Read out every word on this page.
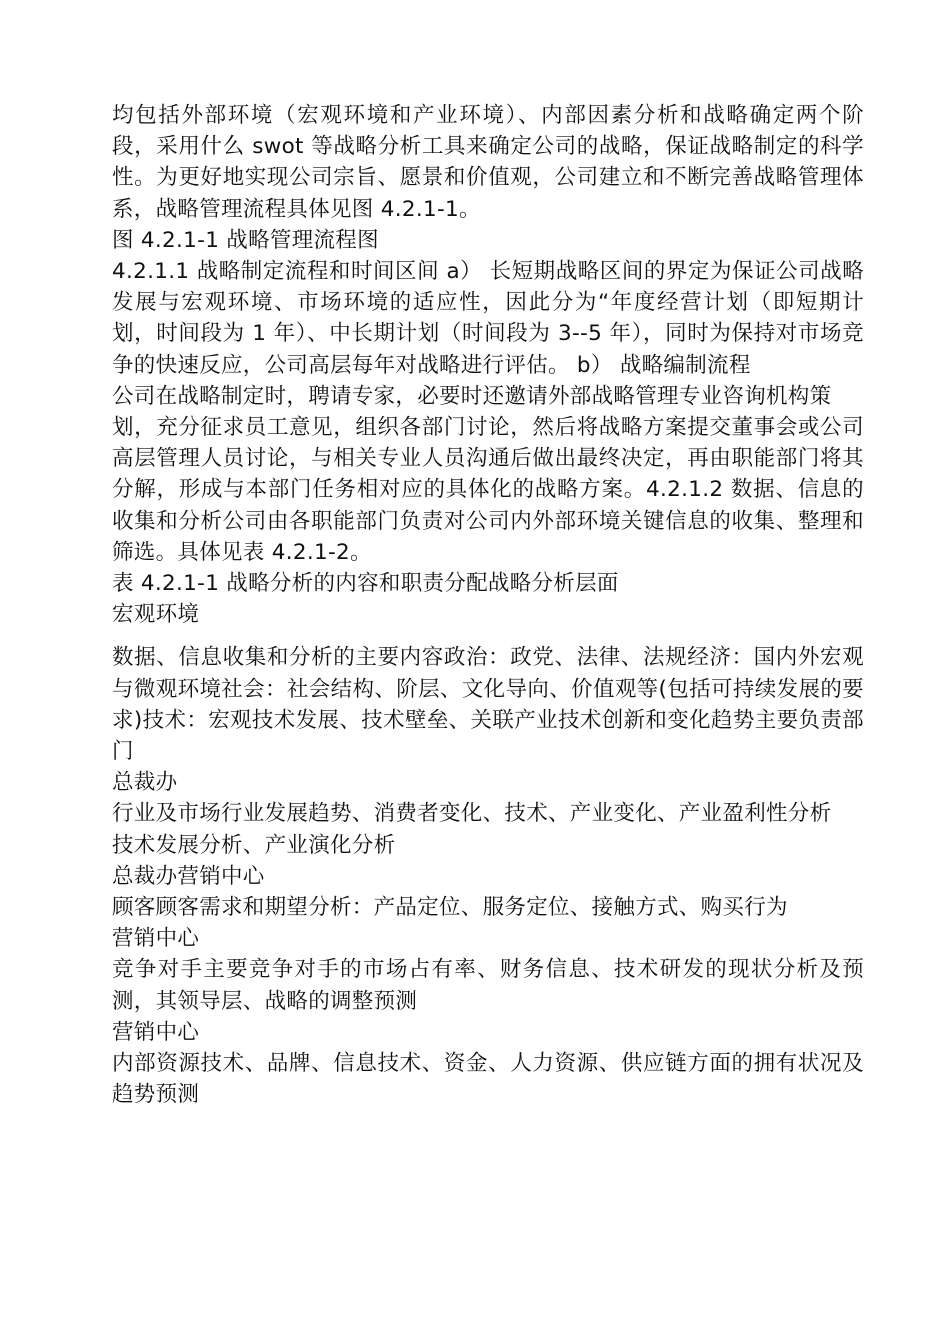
均包括外部环境（宏观环境和产业环境）、内部因素分析和战略确定两个阶段，采用什么 swot 等战略分析工具来确定公司的战略，保证战略制定的科学性。为更好地实现公司宗旨、愿景和价值观，公司建立和不断完善战略管理体系，战略管理流程具体见图 4.2.1-1。

图 4.2.1-1 战略管理流程图

4.2.1.1 战略制定流程和时间区间 a） 长短期战略区间的界定为保证公司战略发展与宏观环境、市场环境的适应性，因此分为“年度经营计划（即短期计划，时间段为 1 年）、中长期计划（时间段为 3--5 年），同时为保持对市场竞争的快速反应，公司高层每年对战略进行评估。 b） 战略编制流程

公司在战略制定时，聘请专家，必要时还邀请外部战略管理专业咨询机构策

划，充分征求员工意见，组织各部门讨论，然后将战略方案提交董事会或公司高层管理人员讨论，与相关专业人员沟通后做出最终决定，再由职能部门将其分解，形成与本部门任务相对应的具体化的战略方案。4.2.1.2 数据、信息的收集和分析公司由各职能部门负责对公司内外部环境关键信息的收集、整理和筛选。具体见表 4.2.1-2。

表 4.2.1-1 战略分析的内容和职责分配战略分析层面

宏观环境

数据、信息收集和分析的主要内容政治：政党、法律、法规经济：国内外宏观与微观环境社会：社会结构、阶层、文化导向、价值观等(包括可持续发展的要求)技术：宏观技术发展、技术壁垒、关联产业技术创新和变化趋势主要负责部门

总裁办

行业及市场行业发展趋势、消费者变化、技术、产业变化、产业盈利性分析

技术发展分析、产业演化分析

总裁办营销中心

顾客顾客需求和期望分析：产品定位、服务定位、接触方式、购买行为

营销中心

竞争对手主要竞争对手的市场占有率、财务信息、技术研发的现状分析及预测，其领导层、战略的调整预测

营销中心

内部资源技术、品牌、信息技术、资金、人力资源、供应链方面的拥有状况及趋势预测
